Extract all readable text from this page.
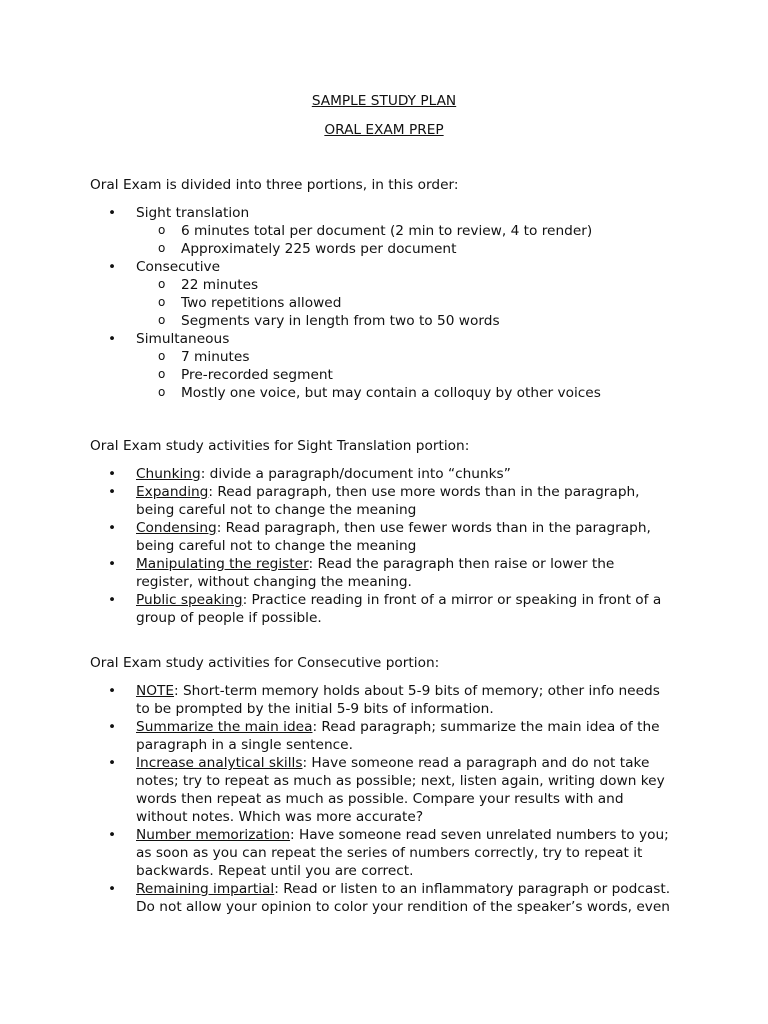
SAMPLE STUDY PLAN
ORAL EXAM PREP

Oral Exam is divided into three portions, in this order:

• Sight translation
o 6 minutes total per document (2 min to review, 4 to render)
o Approximately 225 words per document
• Consecutive
o 22 minutes
o Two repetitions allowed
o Segments vary in length from two to 50 words
• Simultaneous
o 7 minutes
o Pre-recorded segment
o Mostly one voice, but may contain a colloquy by other voices

Oral Exam study activities for Sight Translation portion:

• Chunking: divide a paragraph/document into “chunks”
• Expanding: Read paragraph, then use more words than in the paragraph,
being careful not to change the meaning
• Condensing: Read paragraph, then use fewer words than in the paragraph,
being careful not to change the meaning
• Manipulating the register: Read the paragraph then raise or lower the
register, without changing the meaning.
• Public speaking: Practice reading in front of a mirror or speaking in front of a
group of people if possible.

Oral Exam study activities for Consecutive portion:

• NOTE: Short-term memory holds about 5-9 bits of memory; other info needs
to be prompted by the initial 5-9 bits of information.
• Summarize the main idea: Read paragraph; summarize the main idea of the
paragraph in a single sentence.
• Increase analytical skills: Have someone read a paragraph and do not take
notes; try to repeat as much as possible; next, listen again, writing down key
words then repeat as much as possible. Compare your results with and
without notes. Which was more accurate?
• Number memorization: Have someone read seven unrelated numbers to you;
as soon as you can repeat the series of numbers correctly, try to repeat it
backwards. Repeat until you are correct.
• Remaining impartial: Read or listen to an inflammatory paragraph or podcast.
Do not allow your opinion to color your rendition of the speaker’s words, even
